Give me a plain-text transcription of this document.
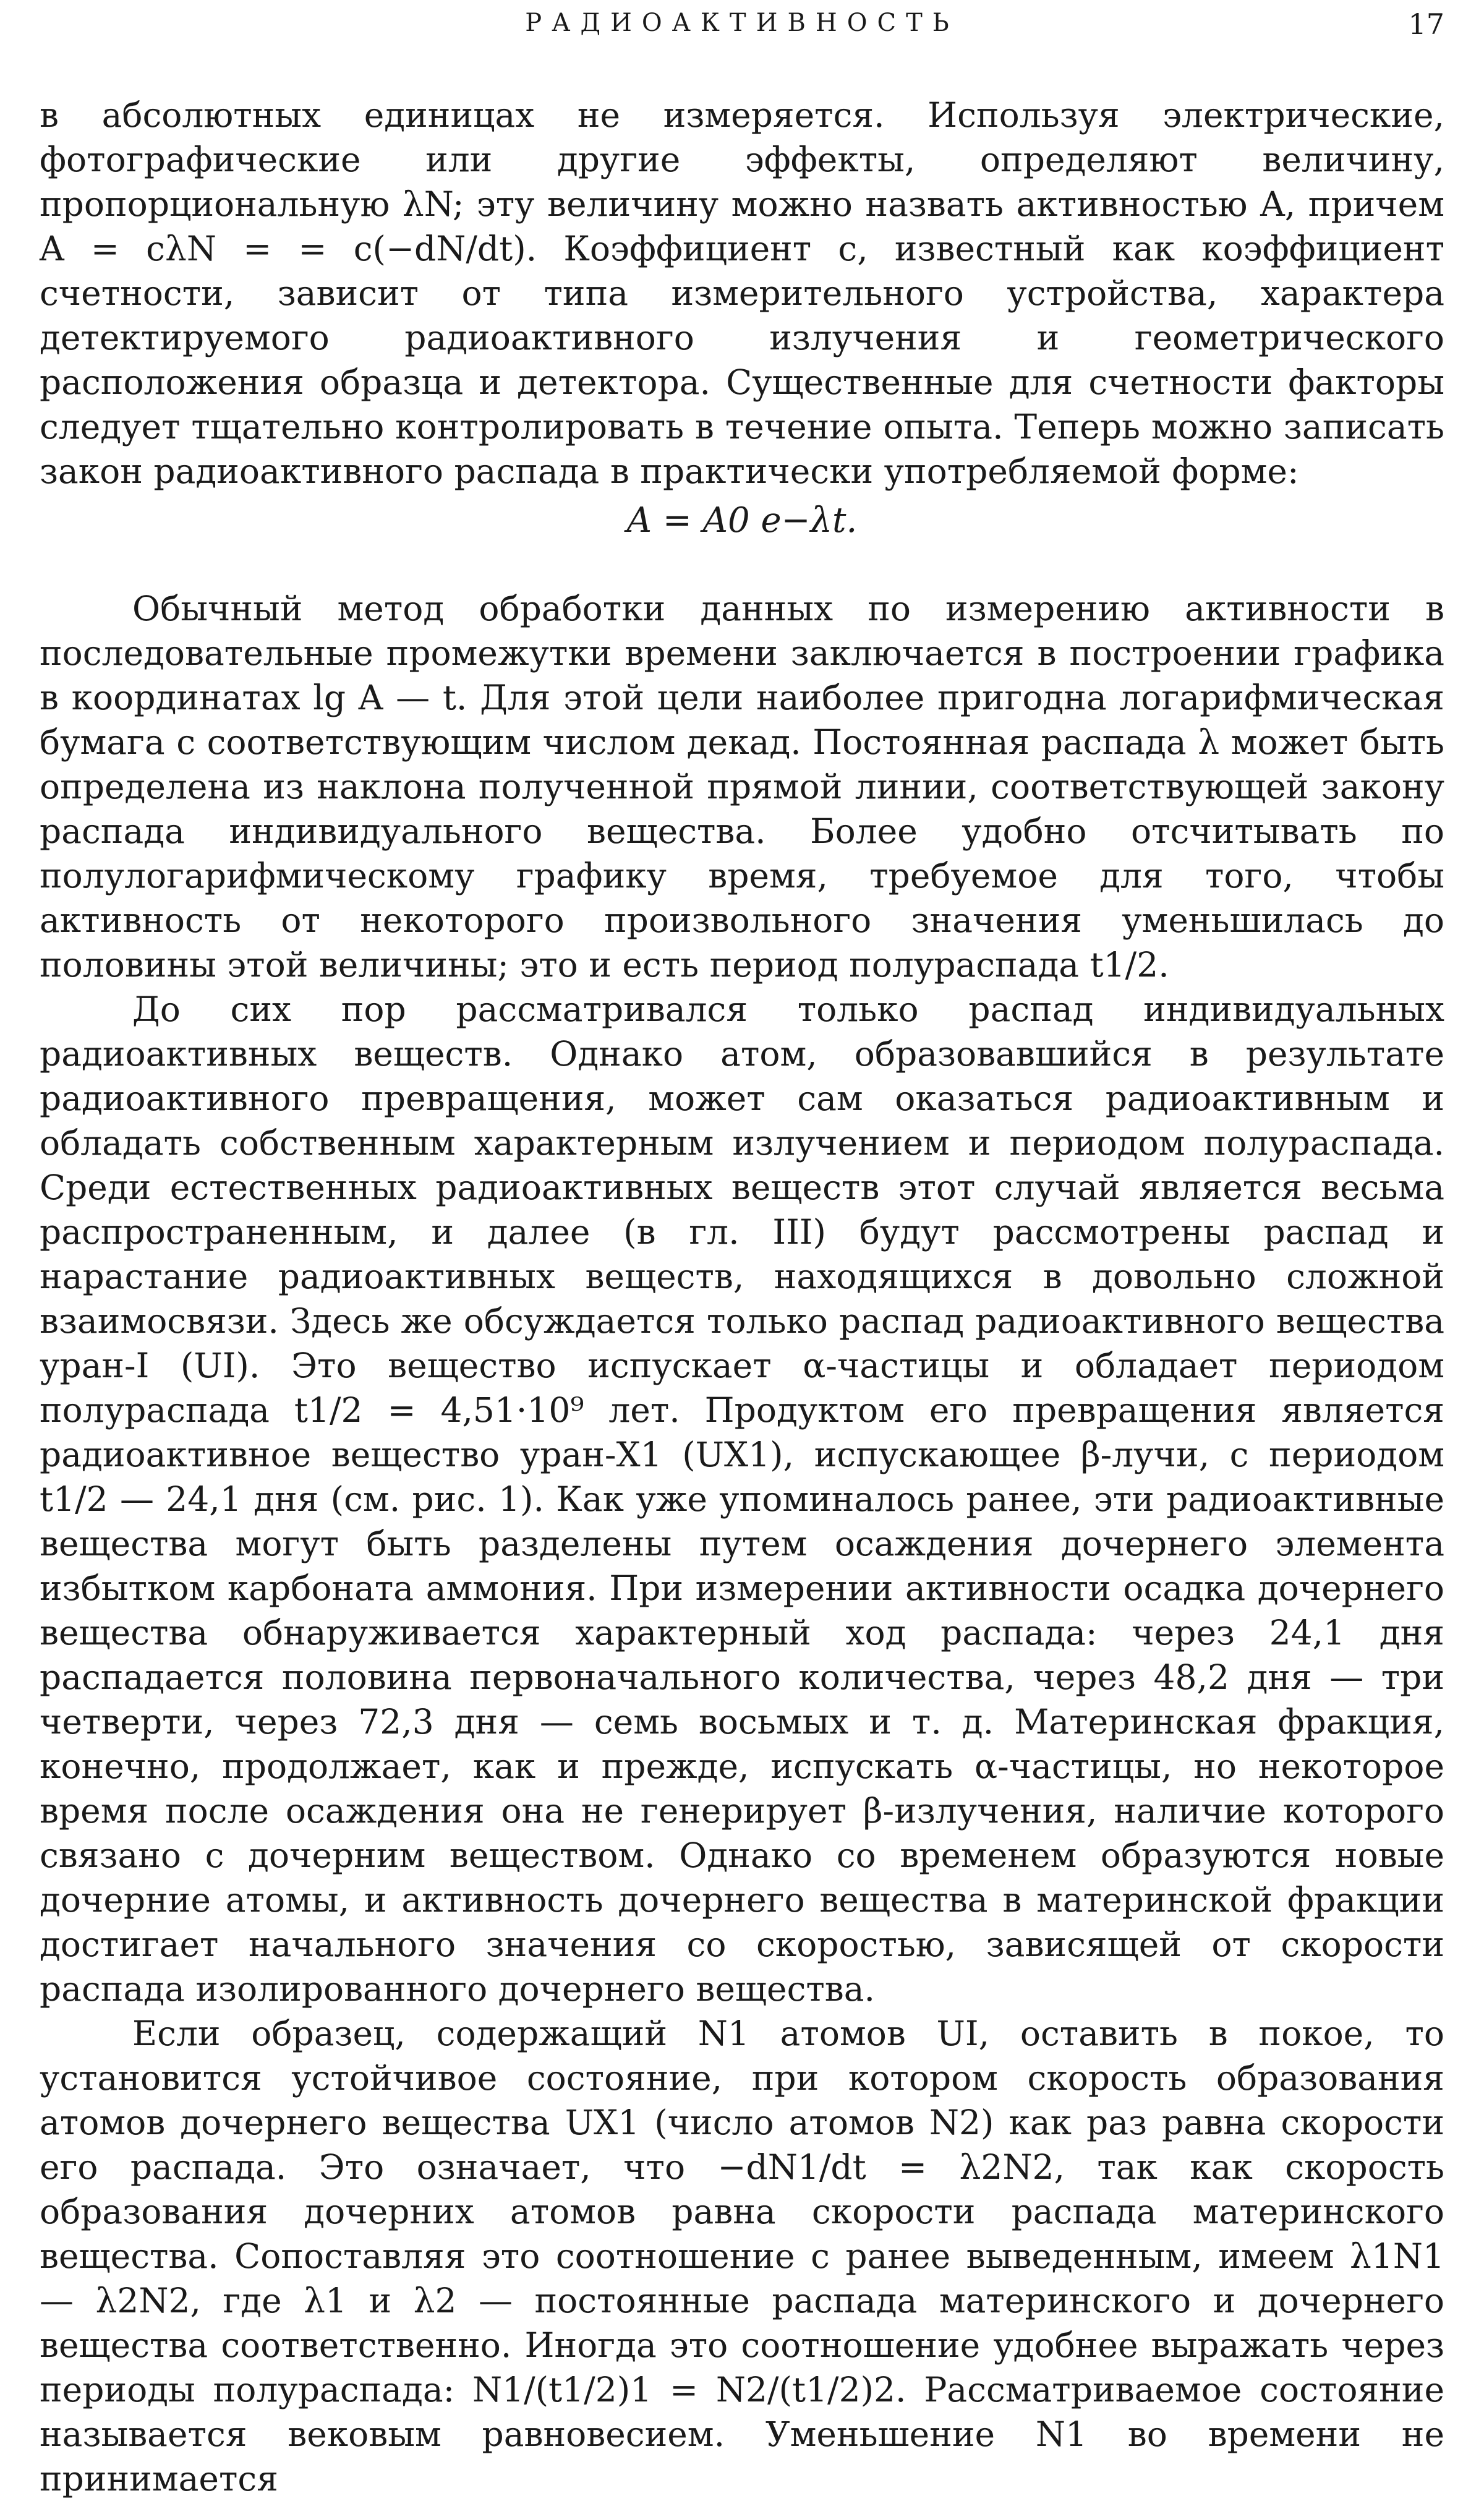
РАДИОАКТИВНОСТЬ	17

в абсолютных единицах не измеряется. Используя электрические, фотографические или другие эффекты, определяют величину, пропорциональную λN; эту величину можно назвать активностью A, причем A = cλN = = c(−dN/dt). Коэффициент c, известный как коэффициент счетности, зависит от типа измерительного устройства, характера детектируемого радиоактивного излучения и геометрического расположения образца и детектора. Существенные для счетности факторы следует тщательно контролировать в течение опыта. Теперь можно записать закон радиоактивного распада в практически употребляемой форме:

A = A0 e−λt.

Обычный метод обработки данных по измерению активности в последовательные промежутки времени заключается в построении графика в координатах lg A — t. Для этой цели наиболее пригодна логарифмическая бумага с соответствующим числом декад. Постоянная распада λ может быть определена из наклона полученной прямой линии, соответствующей закону распада индивидуального вещества. Более удобно отсчитывать по полулогарифмическому графику время, требуемое для того, чтобы активность от некоторого произвольного значения уменьшилась до половины этой величины; это и есть период полураспада t1/2.

До сих пор рассматривался только распад индивидуальных радиоактивных веществ. Однако атом, образовавшийся в результате радиоактивного превращения, может сам оказаться радиоактивным и обладать собственным характерным излучением и периодом полураспада. Среди естественных радиоактивных веществ этот случай является весьма распространенным, и далее (в гл. III) будут рассмотрены распад и нарастание радиоактивных веществ, находящихся в довольно сложной взаимосвязи. Здесь же обсуждается только распад радиоактивного вещества уран-I (UI). Это вещество испускает α-частицы и обладает периодом полураспада t1/2 = 4,51·10⁹ лет. Продуктом его превращения является радиоактивное вещество уран-X1 (UX1), испускающее β-лучи, с периодом t1/2 — 24,1 дня (см. рис. 1). Как уже упоминалось ранее, эти радиоактивные вещества могут быть разделены путем осаждения дочернего элемента избытком карбоната аммония. При измерении активности осадка дочернего вещества обнаруживается характерный ход распада: через 24,1 дня распадается половина первоначального количества, через 48,2 дня — три четверти, через 72,3 дня — семь восьмых и т. д. Материнская фракция, конечно, продолжает, как и прежде, испускать α-частицы, но некоторое время после осаждения она не генерирует β-излучения, наличие которого связано с дочерним веществом. Однако со временем образуются новые дочерние атомы, и активность дочернего вещества в материнской фракции достигает начального значения со скоростью, зависящей от скорости распада изолированного дочернего вещества.

Если образец, содержащий N1 атомов UI, оставить в покое, то установится устойчивое состояние, при котором скорость образования атомов дочернего вещества UX1 (число атомов N2) как раз равна скорости его распада. Это означает, что −dN1/dt = λ2N2, так как скорость образования дочерних атомов равна скорости распада материнского вещества. Сопоставляя это соотношение с ранее выведенным, имеем λ1N1 — λ2N2, где λ1 и λ2 — постоянные распада материнского и дочернего вещества соответственно. Иногда это соотношение удобнее выражать через периоды полураспада: N1/(t1/2)1 = N2/(t1/2)2. Рассматриваемое состояние называется вековым равновесием. Уменьшение N1 во времени не принимается
